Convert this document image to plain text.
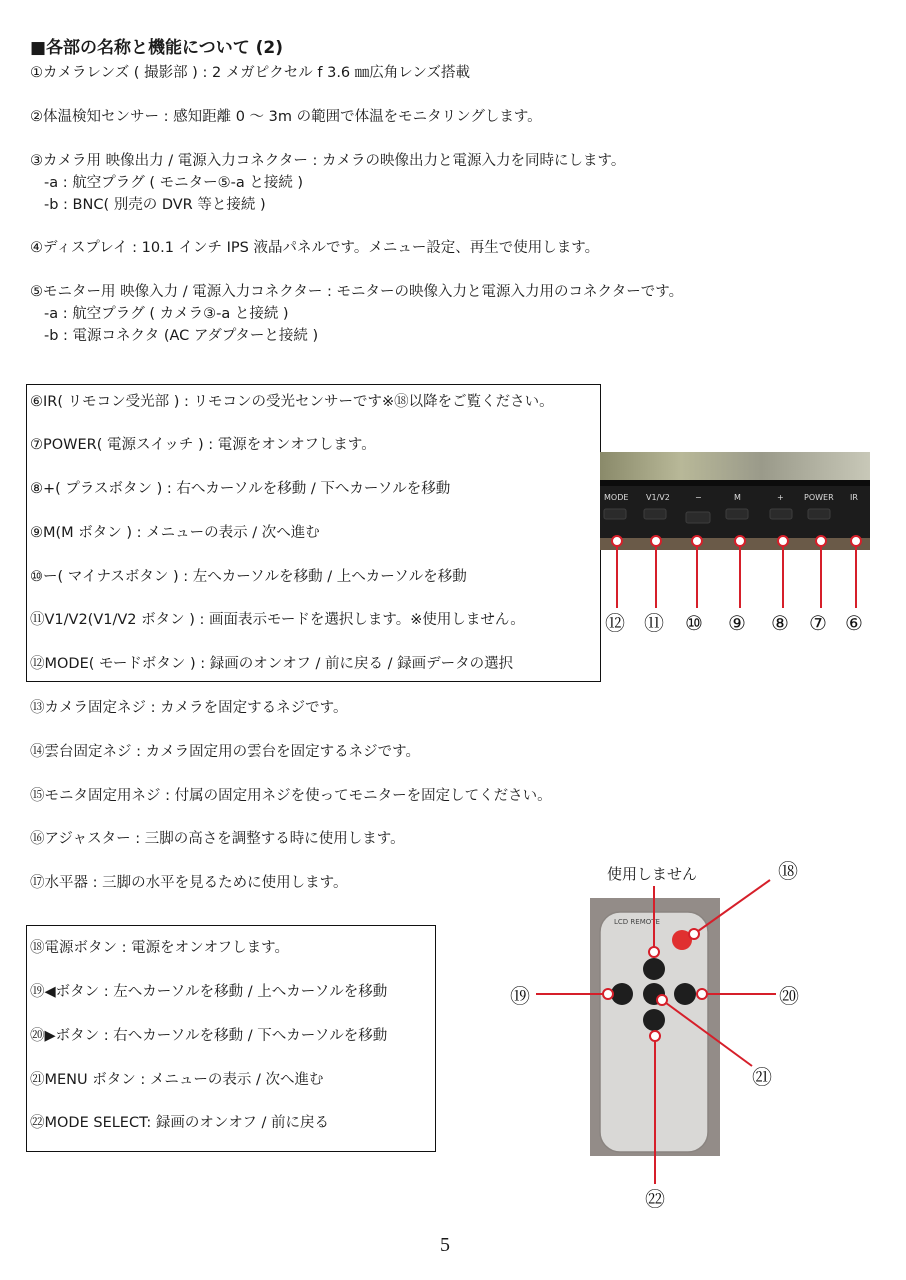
■各部の名称と機能について (2)
①カメラレンズ ( 撮影部 ) : 2 メガピクセル f 3.6 ㎜広角レンズ搭載
②体温検知センサー : 感知距離 0 ～ 3m の範囲で体温をモニタリングします。
③カメラ用 映像出力 / 電源入力コネクター : カメラの映像出力と電源入力を同時にします。
-a : 航空プラグ ( モニター⑤-a と接続 )
-b : BNC( 別売の DVR 等と接続 )
④ディスプレイ : 10.1 インチ IPS 液晶パネルです。メニュー設定、再生で使用します。
⑤モニター用 映像入力 / 電源入力コネクター : モニターの映像入力と電源入力用のコネクターです。
-a : 航空プラグ ( カメラ③-a と接続 )
-b : 電源コネクタ (AC アダプターと接続 )
⑥IR( リモコン受光部 ) : リモコンの受光センサーです※⑱以降をご覧ください。
⑦POWER( 電源スイッチ ) : 電源をオンオフします。
⑧+( プラスボタン ) : 右へカーソルを移動 / 下へカーソルを移動
⑨M(M ボタン ) : メニューの表示 / 次へ進む
⑩ー( マイナスボタン ) : 左へカーソルを移動 / 上へカーソルを移動
⑪V1/V2(V1/V2 ボタン ) : 画面表示モードを選択します。※使用しません。
⑫MODE( モードボタン ) : 録画のオンオフ / 前に戻る / 録画データの選択
MODE V1/V2	−	M	+	POWER IR
⑫ ⑪ ⑩ ⑨ ⑧ ⑦ ⑥
⑬カメラ固定ネジ : カメラを固定するネジです。
⑭雲台固定ネジ : カメラ固定用の雲台を固定するネジです。
⑮モニタ固定用ネジ : 付属の固定用ネジを使ってモニターを固定してください。
⑯アジャスター : 三脚の高さを調整する時に使用します。
⑰水平器 : 三脚の水平を見るために使用します。
⑱電源ボタン : 電源をオンオフします。
⑲◀ボタン : 左へカーソルを移動 / 上へカーソルを移動
⑳▶ボタン : 右へカーソルを移動 / 下へカーソルを移動
㉑MENU ボタン : メニューの表示 / 次へ進む
㉒MODE SELECT: 録画のオンオフ / 前に戻る
LCD REMOTE
使用しません	⑱
⑲	⑳
㉑
㉒
5
